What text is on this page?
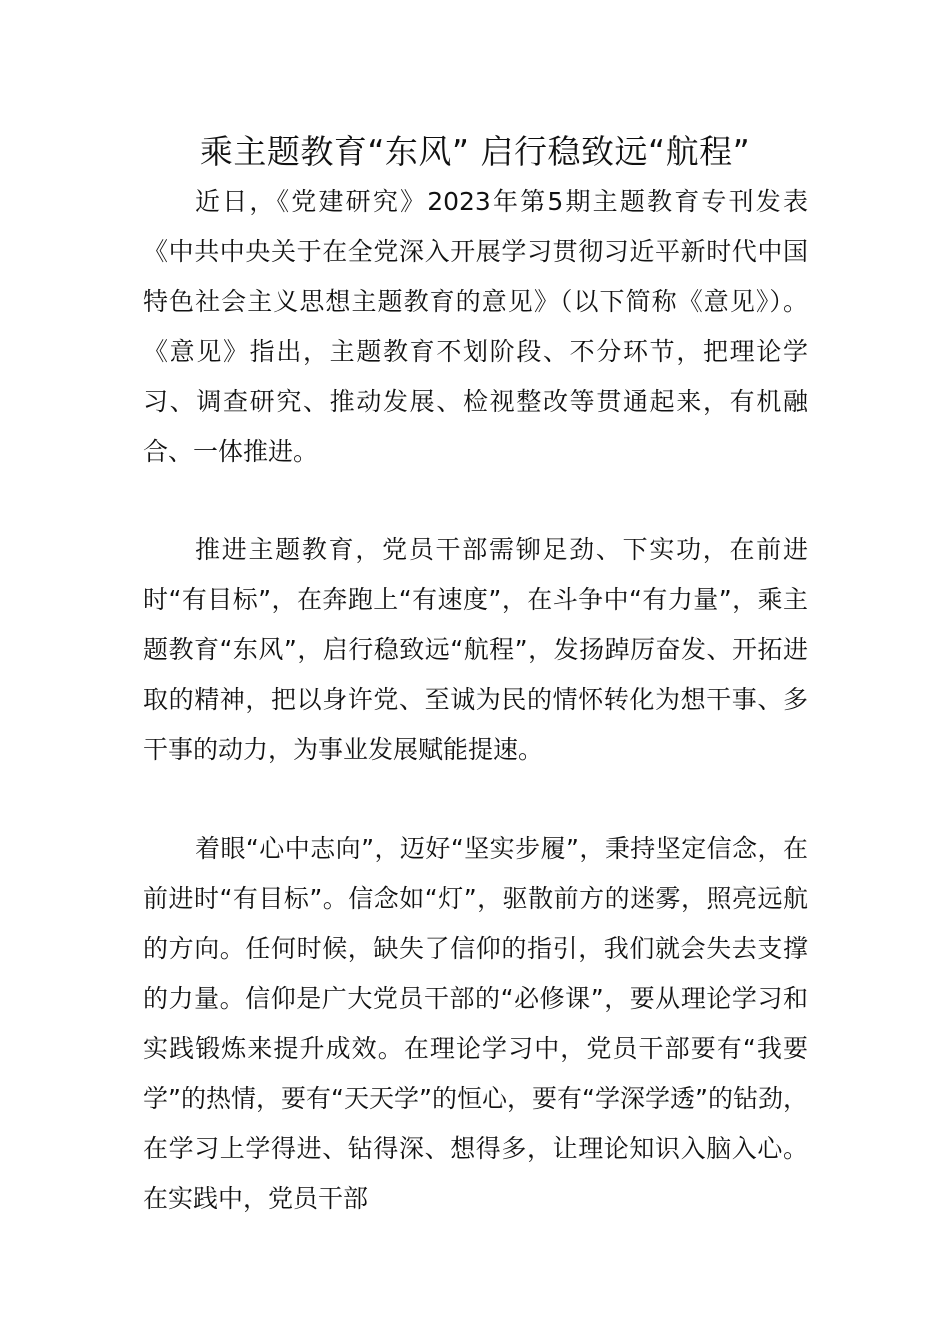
乘主题教育“东风” 启行稳致远“航程”

近日，《党建研究》2023年第5期主题教育专刊发表《中共中央关于在全党深入开展学习贯彻习近平新时代中国特色社会主义思想主题教育的意见》（以下简称《意见》）。《意见》指出，主题教育不划阶段、不分环节，把理论学习、调查研究、推动发展、检视整改等贯通起来，有机融合、一体推进。

推进主题教育，党员干部需铆足劲、下实功，在前进时“有目标”，在奔跑上“有速度”，在斗争中“有力量”，乘主题教育“东风”，启行稳致远“航程”，发扬踔厉奋发、开拓进取的精神，把以身许党、至诚为民的情怀转化为想干事、多干事的动力，为事业发展赋能提速。

着眼“心中志向”，迈好“坚实步履”，秉持坚定信念，在前进时“有目标”。信念如“灯”，驱散前方的迷雾，照亮远航的方向。任何时候，缺失了信仰的指引，我们就会失去支撑的力量。信仰是广大党员干部的“必修课”，要从理论学习和实践锻炼来提升成效。在理论学习中，党员干部要有“我要学”的热情，要有“天天学”的恒心，要有“学深学透”的钻劲，在学习上学得进、钻得深、想得多，让理论知识入脑入心。在实践中，党员干部
